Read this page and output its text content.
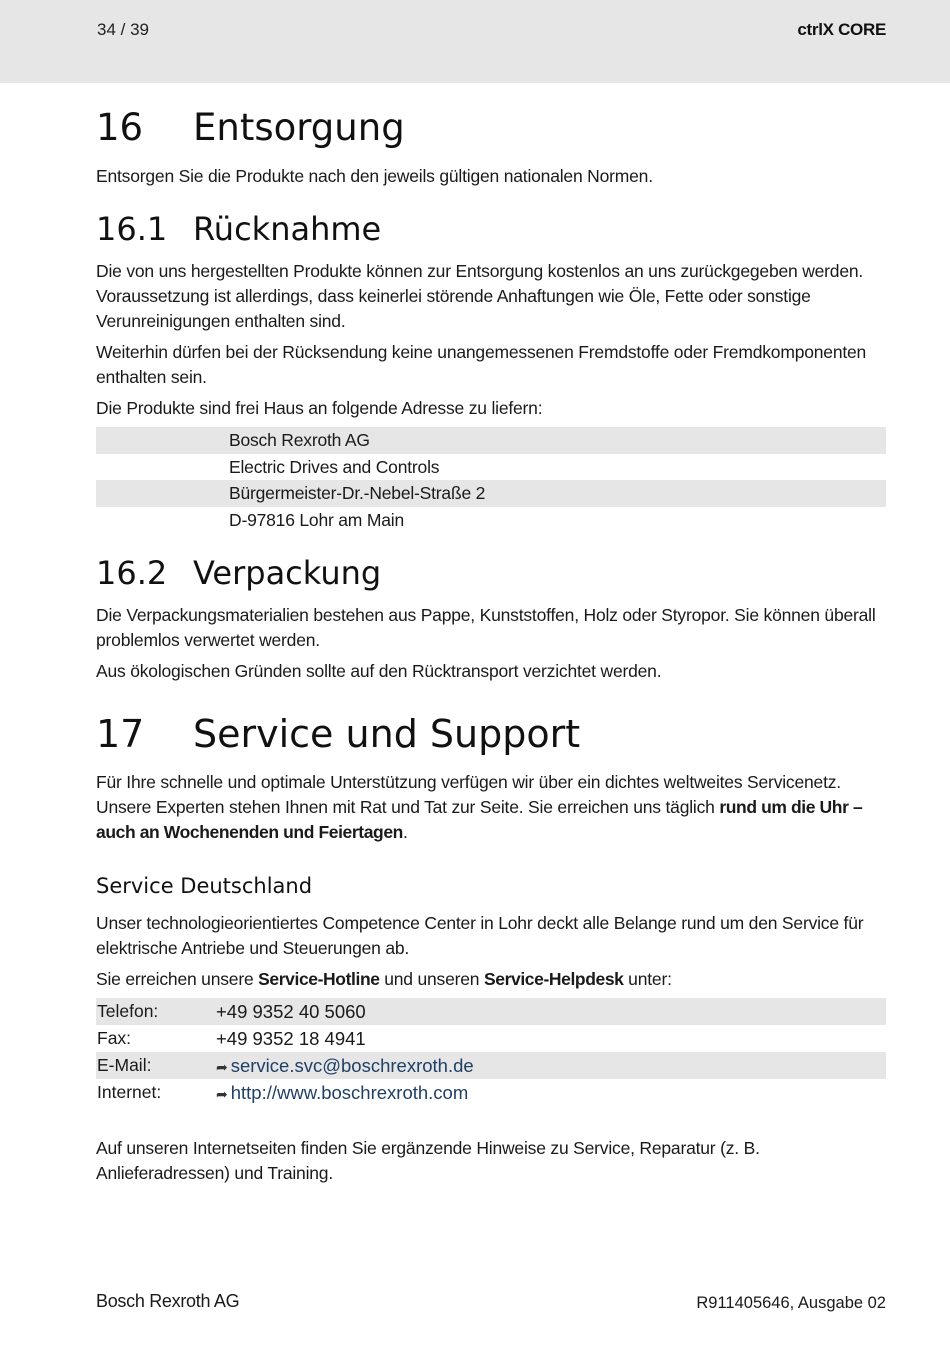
34 / 39	ctrlX CORE
16	Entsorgung

Entsorgen Sie die Produkte nach den jeweils gültigen nationalen Normen.

16.1 Rücknahme

Die von uns hergestellten Produkte können zur Entsorgung kostenlos an uns zurückgegeben werden. Voraussetzung ist allerdings, dass keinerlei störende Anhaftungen wie Öle, Fette oder sonstige Verunreinigungen enthalten sind.

Weiterhin dürfen bei der Rücksendung keine unangemessenen Fremdstoffe oder Fremdkomponenten enthalten sein.

Die Produkte sind frei Haus an folgende Adresse zu liefern:

Bosch Rexroth AG
Electric Drives and Controls
Bürgermeister-Dr.-Nebel-Straße 2
D-97816 Lohr am Main
16.2 Verpackung

Die Verpackungsmaterialien bestehen aus Pappe, Kunststoffen, Holz oder Styropor. Sie können überall problemlos verwertet werden.

Aus ökologischen Gründen sollte auf den Rücktransport verzichtet werden.

17	Service und Support

Für Ihre schnelle und optimale Unterstützung verfügen wir über ein dichtes weltweites Servicenetz. Unsere Experten stehen Ihnen mit Rat und Tat zur Seite. Sie erreichen uns täglich rund um die Uhr – auch an Wochenenden und Feiertagen.

Service Deutschland

Unser technologieorientiertes Competence Center in Lohr deckt alle Belange rund um den Service für elektrische Antriebe und Steuerungen ab.

Sie erreichen unsere Service-Hotline und unseren Service-Helpdesk unter:

Telefon:	+49 9352 40 5060
Fax:	+49 9352 18 4941
E-Mail:	➦ service.svc@boschrexroth.de
Internet:	➦ http://www.boschrexroth.com

Auf unseren Internetseiten finden Sie ergänzende Hinweise zu Service, Reparatur (z. B. Anlieferadressen) und Training.

Bosch Rexroth AG	R911405646, Ausgabe 02
